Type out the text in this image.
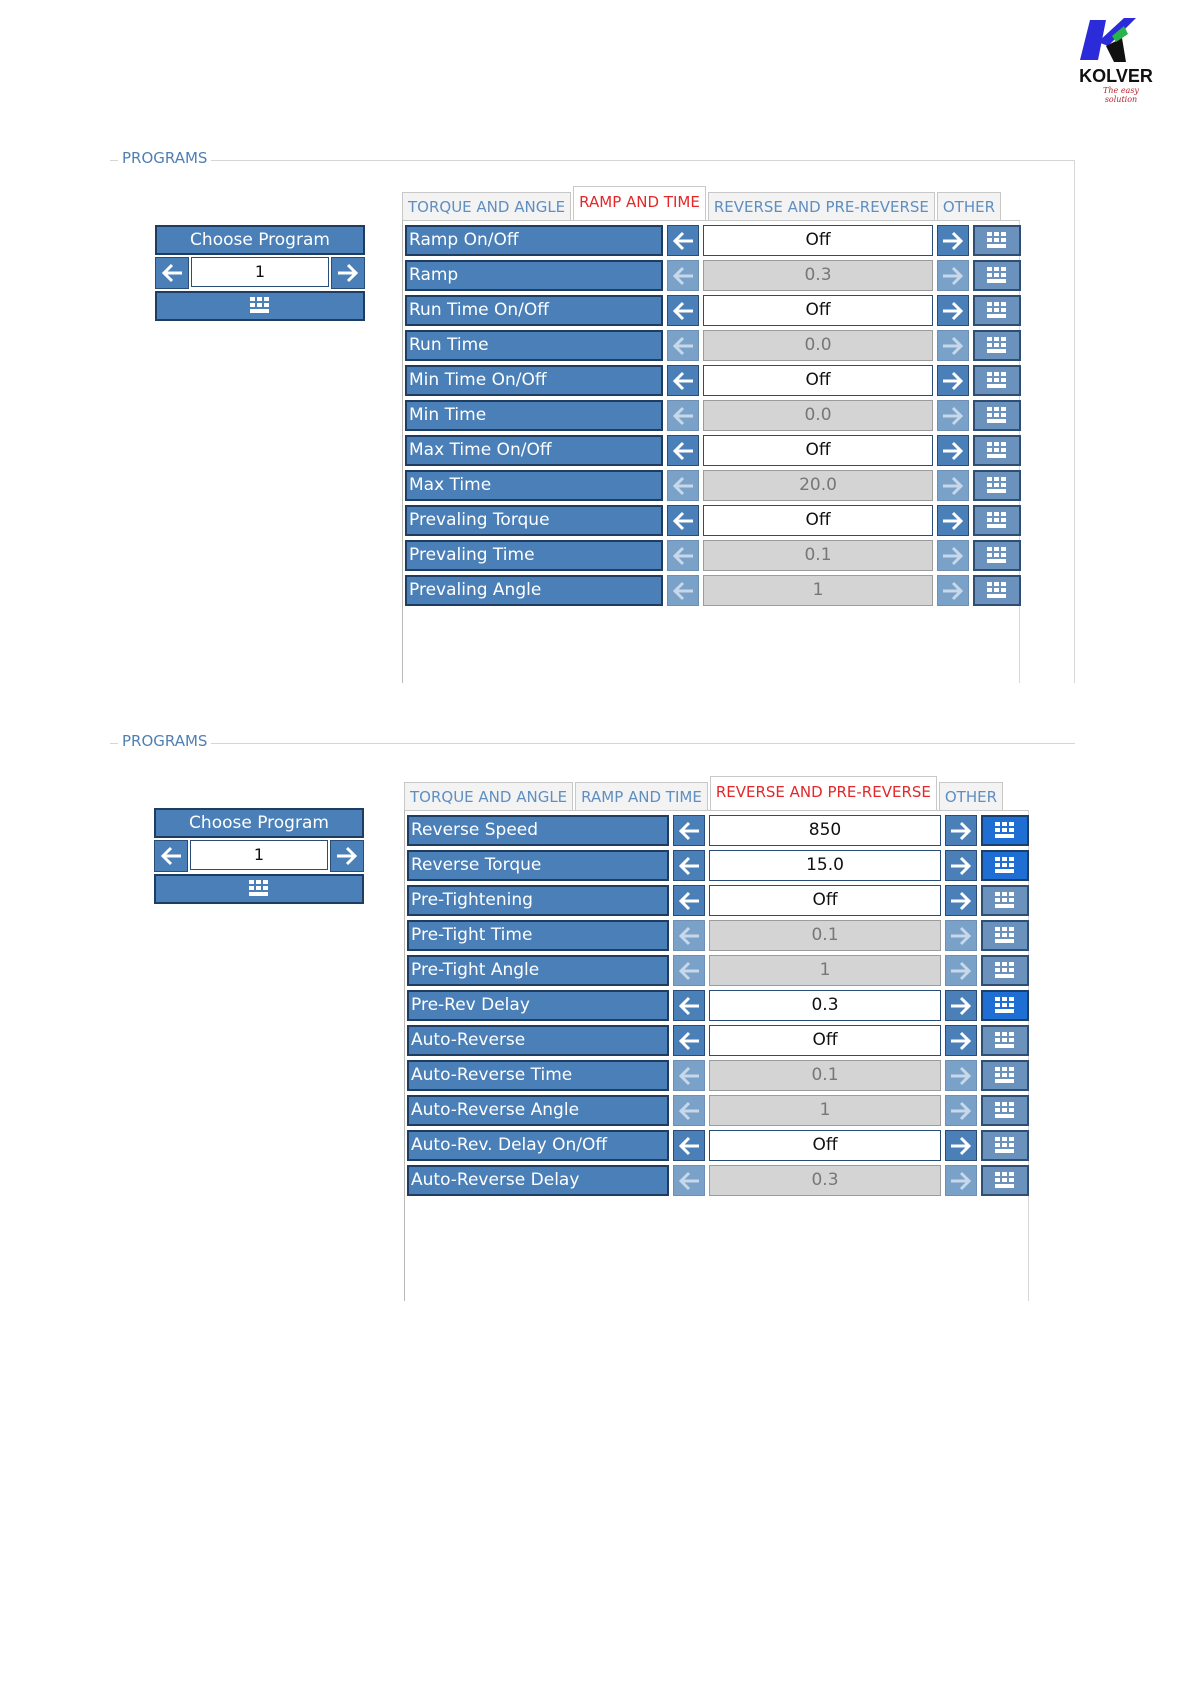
KOLVER
The easy solution
PROGRAMS
Choose Program
1
TORQUE AND ANGLE RAMP AND TIME REVERSE AND PRE-REVERSE OTHER
Ramp On/Off	Off
Ramp	0.3
Run Time On/Off	Off
Run Time	0.0
Min Time On/Off	Off
Min Time	0.0
Max Time On/Off	Off
Max Time	20.0
Prevaling Torque	Off
Prevaling Time	0.1
Prevaling Angle	1
PROGRAMS
Choose Program
1
TORQUE AND ANGLE RAMP AND TIME REVERSE AND PRE-REVERSE OTHER
Reverse Speed	850
Reverse Torque	15.0
Pre-Tightening	Off
Pre-Tight Time	0.1
Pre-Tight Angle	1
Pre-Rev Delay	0.3
Auto-Reverse	Off
Auto-Reverse Time	0.1
Auto-Reverse Angle	1
Auto-Rev. Delay On/Off	Off
Auto-Reverse Delay	0.3
